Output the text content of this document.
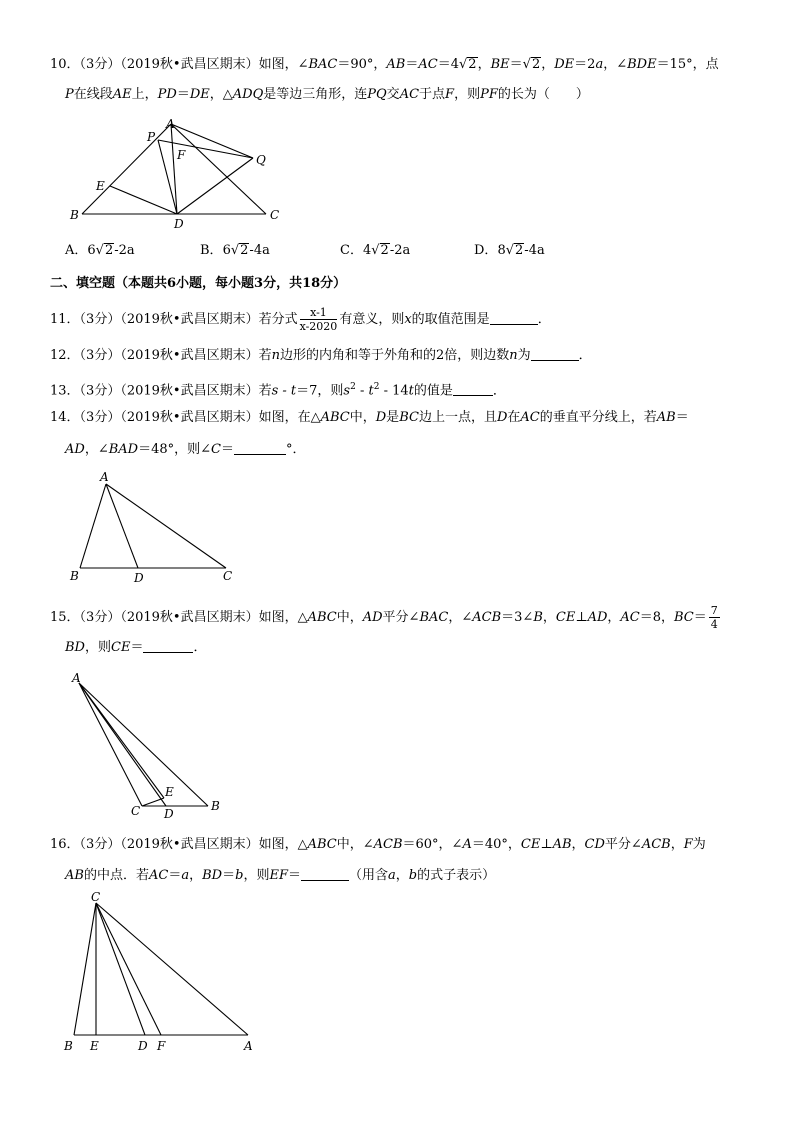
10．（3分）（2019秋•武昌区期末）如图，∠BAC＝90°，AB＝AC＝4√2，BE＝√2，DE＝2a，∠BDE＝15°，点
P在线段AE上，PD＝DE，△ADQ是等边三角形，连PQ交AC于点F，则PF的长为（　　）
A
P
F	Q
E
B
D
C
A．6√2-2a	B．6√2-4a	C．4√2-2a	D．8√2-4a
二、填空题（本题共6小题，每小题3分，共18分）
11．（3分）（2019秋•武昌区期末）若分式 $\frac{x-1}{x-2020}$ 有意义，则x的取值范围是	．
12．（3分）（2019秋•武昌区期末）若n边形的内角和等于外角和的2倍，则边数n为	．
13．（3分）（2019秋•武昌区期末）若s - t＝7，则$s^2 - t^2 - 14t$的值是	．
14．（3分）（2019秋•武昌区期末）如图，在△ABC中，D是BC边上一点，且D在AC的垂直平分线上，若AB＝
AD，∠BAD＝48°，则∠C＝	°．
A
B	D	C
15．（3分）（2019秋•武昌区期末）如图，△ABC中，AD平分∠BAC，∠ACB＝3∠B，CE⊥AD，AC＝8，$BC= \frac{7}{4}$
BD，则CE＝	．
A
C
E
D
B
16．（3分）（2019秋•武昌区期末）如图，△ABC中，∠ACB＝60°，∠A＝40°，CE⊥AB，CD平分∠ACB，F为
AB的中点．若AC＝a，BD＝b，则EF＝	（用含a，b的式子表示）
C
B E	D F	A
